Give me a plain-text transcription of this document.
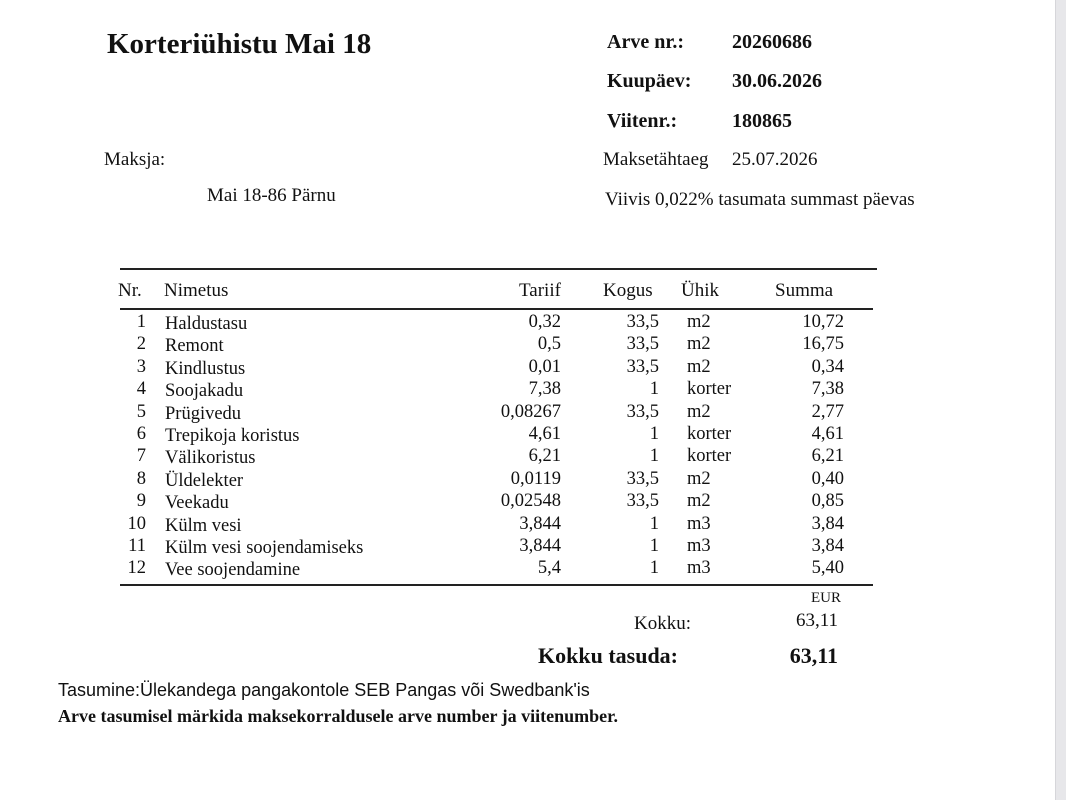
Korteriühistu Mai 18	Arve nr.: 20260686
Kuupäev: 30.06.2026
Viitenr.:	180865
Maksja:
Mai 18-86 Pärnu
Maksetähtaeg 25.07.2026
Viivis 0,022% tasumata summast päevas
Nr. Nimetus	Tariif Kogus Ühik	Summa
1 Haldustasu	0,32	33,5 m2	10,72
2 Remont	0,5	33,5 m2	16,75
3 Kindlustus	0,01	33,5 m2	0,34
4 Soojakadu	7,38	1 korter	7,38
5 Prügivedu	0,08267	33,5 m2	2,77
6 Trepikoja koristus	4,61	1 korter	4,61
7 Välikoristus	6,21	1 korter	6,21
8 Üldelekter	0,0119	33,5 m2	0,40
9 Veekadu	0,02548	33,5 m2	0,85
10 Külm vesi	3,844	1 m3	3,84
11 Külm vesi soojendamiseks	3,844	1 m3	3,84
12 Vee soojendamine	5,4	1 m3	5,40
EUR
Kokku:	63,11
Kokku tasuda:	63,11
Tasumine:Ülekandega pangakontole SEB Pangas või Swedbank'is
Arve tasumisel märkida maksekorraldusele arve number ja viitenumber.
